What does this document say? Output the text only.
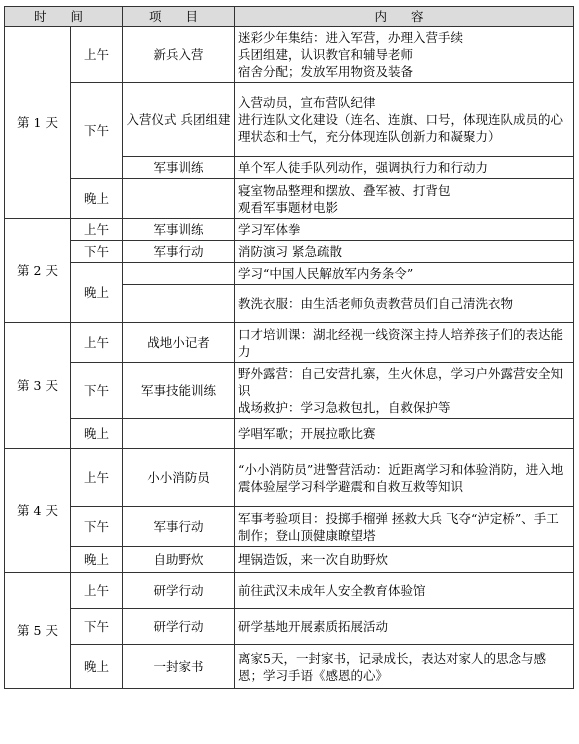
时 间		项 目	内 容
第 1 天	上午	新兵入营	迷彩少年集结：进入军营，办理入营手续
兵团组建，认识教官和辅导老师
宿舍分配；发放军用物资及装备

	下午	入营仪式 兵团组建	入营动员，宣布营队纪律
进行连队文化建设（连名、连旗、口号，体现连队成员的心理状态和士气，充分体现连队创新力和凝聚力）

		军事训练	单个军人徒手队列动作，强调执行力和行动力

	晚上		寝室物品整理和摆放、叠军被、打背包
观看军事题材电影

第 2 天	上午	军事训练	学习军体拳

	下午	军事行动	消防演习 紧急疏散

	晚上		学习“中国人民解放军内务条令”

			教洗衣服：由生活老师负责教营员们自己清洗衣物

第 3 天	上午	战地小记者	口才培训课：湖北经视一线资深主持人培养孩子们的表达能力

	下午	军事技能训练	野外露营：自己安营扎寨，生火休息，学习户外露营安全知识
战场救护：学习急救包扎，自救保护等

	晚上		学唱军歌；开展拉歌比赛

第 4 天	上午	小小消防员	“小小消防员”进警营活动：近距离学习和体验消防，进入地震体验屋学习科学避震和自救互救等知识

	下午	军事行动	军事考验项目：投掷手榴弹 拯救大兵 飞夺“泸定桥”、手工制作；登山顶健康瞭望塔

	晚上	自助野炊	埋锅造饭，来一次自助野炊

第 5 天	上午	研学行动	前往武汉未成年人安全教育体验馆

	下午	研学行动	研学基地开展素质拓展活动

	晚上	一封家书	离家5天，一封家书，记录成长，表达对家人的思念与感恩；学习手语《感恩的心》
